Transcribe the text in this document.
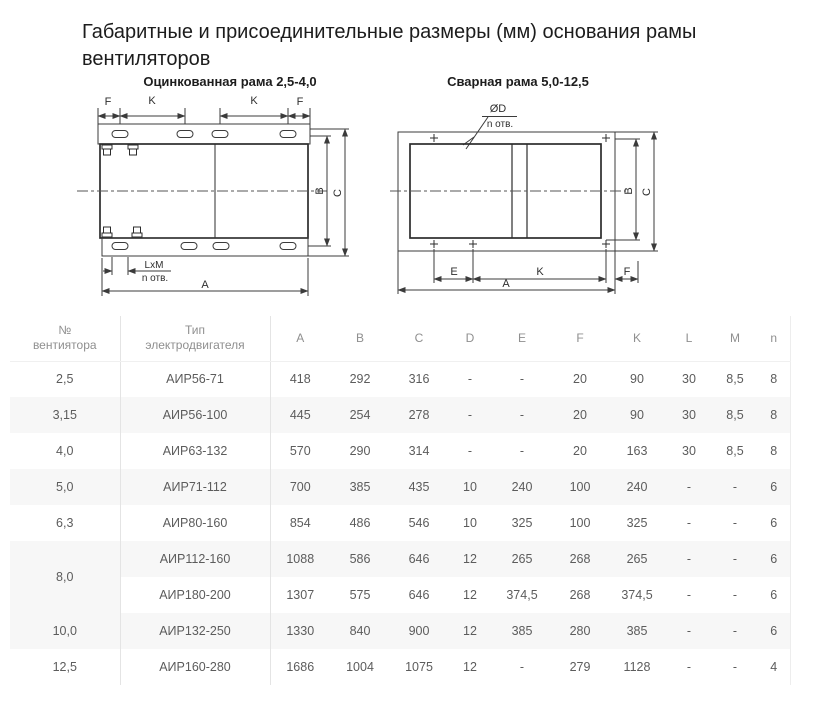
Габаритные и присоединительные размеры (мм) основания рамы вентиляторов
Оцинкованная рама 2,5-4,0
F	K	K	F
LxM
n отв.
A
B C
Сварная рама 5,0-12,5
ØD
n отв.
B C
E	K	F
A
№
вентиятора

Тип
электродвигателя
	A	B	C	D	E	F	K	L	M	n
2,5	АИР56-71	418	292	316	-	-	20	90	30	8,5	8
3,15	АИР56-100	445	254	278	-	-	20	90	30	8,5	8
4,0	АИР63-132	570	290	314	-	-	20	163	30	8,5	8
5,0	АИР71-112	700	385	435	10	240	100	240	-	-	6
6,3	АИР80-160	854	486	546	10	325	100	325	-	-	6
8,0	АИР112-160	1088	586	646	12	265	268	265	-	-	6
	АИР180-200	1307	575	646	12	374,5	268	374,5	-	-	6
10,0	АИР132-250	1330	840	900	12	385	280	385	-	-	6
12,5	АИР160-280	1686	1004	1075	12	-	279	1128	-	-	4
